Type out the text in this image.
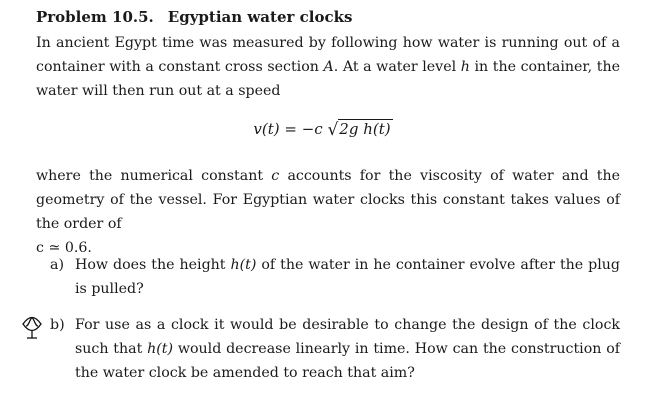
Problem 10.5. Egyptian water clocks
In ancient Egypt time was measured by following how water is running out of a container with a constant cross section A. At a water level h in the container, the water will then run out at a speed
v(t) = −c √2g h(t)
where the numerical constant c accounts for the viscosity of water and the geometry of the vessel. For Egyptian water clocks this constant takes values of the order of
c ≃ 0.6.
a) How does the height h(t) of the water in he container evolve after the plug is pulled?
b) For use as a clock it would be desirable to change the design of the clock such that h(t) would decrease linearly in time. How can the construction of the water clock be amended to reach that aim?
